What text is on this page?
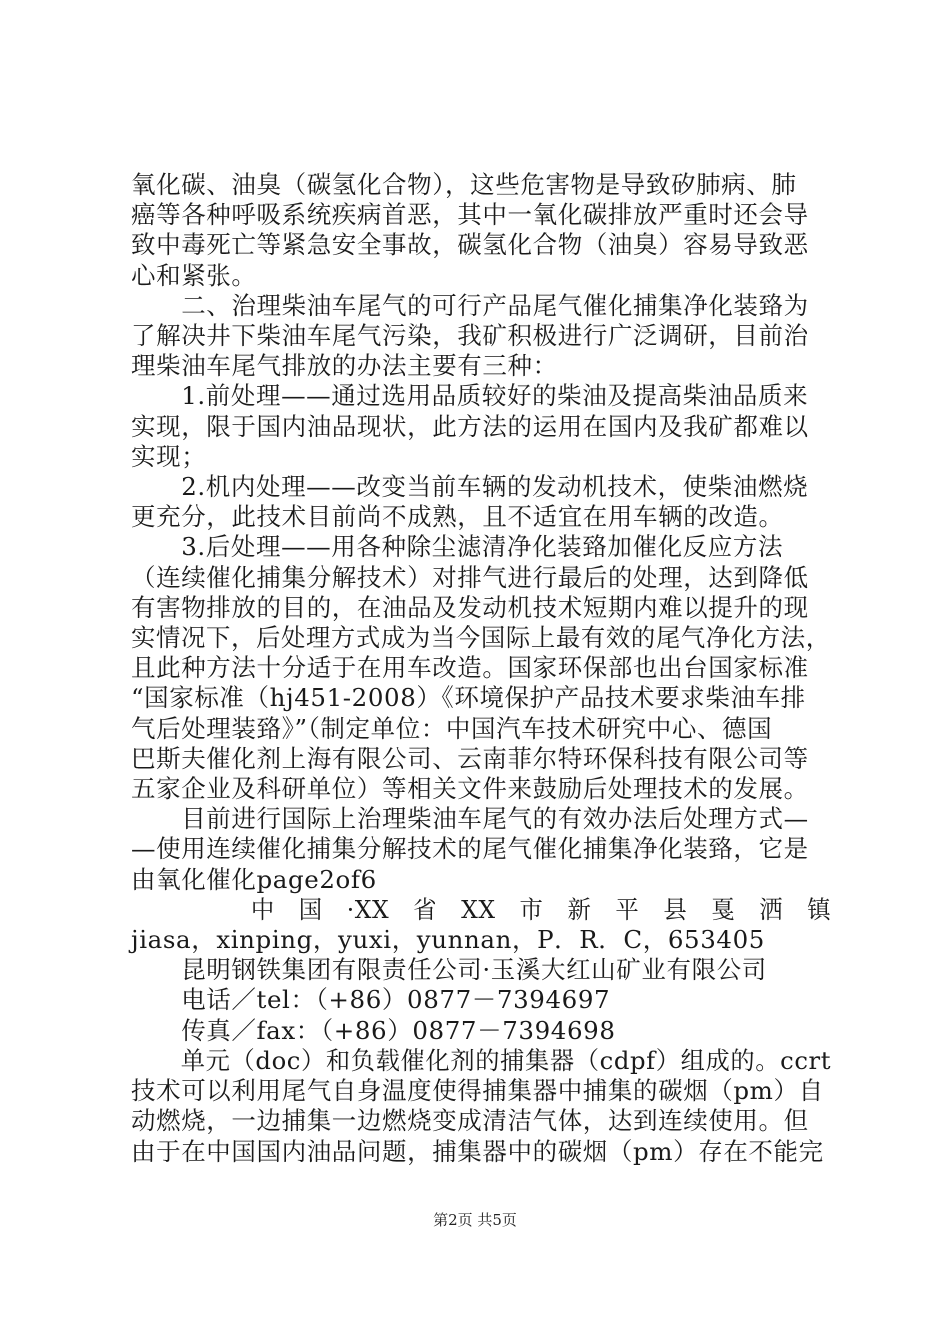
氧化碳、油臭（碳氢化合物），这些危害物是导致矽肺病、肺
癌等各种呼吸系统疾病首恶，其中一氧化碳排放严重时还会导
致中毒死亡等紧急安全事故，碳氢化合物（油臭）容易导致恶
心和紧张。
　　二、治理柴油车尾气的可行产品尾气催化捕集净化装臵为
了解决井下柴油车尾气污染，我矿积极进行广泛调研，目前治
理柴油车尾气排放的办法主要有三种：
　　1.前处理——通过选用品质较好的柴油及提高柴油品质来
实现，限于国内油品现状，此方法的运用在国内及我矿都难以
实现；
　　2.机内处理——改变当前车辆的发动机技术，使柴油燃烧
更充分，此技术目前尚不成熟，且不适宜在用车辆的改造。
　　3.后处理——用各种除尘滤清净化装臵加催化反应方法
（连续催化捕集分解技术）对排气进行最后的处理，达到降低
有害物排放的目的，在油品及发动机技术短期内难以提升的现
实情况下，后处理方式成为当今国际上最有效的尾气净化方法，
且此种方法十分适于在用车改造。国家环保部也出台国家标准
“国家标准（hj451-2008）《环境保护产品技术要求柴油车排
气后处理装臵》”（制定单位：中国汽车技术研究中心、德国
巴斯夫催化剂上海有限公司、云南菲尔特环保科技有限公司等
五家企业及科研单位）等相关文件来鼓励后处理技术的发展。
　　目前进行国际上治理柴油车尾气的有效办法后处理方式—
—使用连续催化捕集分解技术的尾气催化捕集净化装臵，它是
由氧化催化page2of6
　　　　　中　国　·XX　省　XX　市　新　平　县　戛　洒　镇
jiasa，xinping，yuxi，yunnan，P．R．C，653405
　　昆明钢铁集团有限责任公司·玉溪大红山矿业有限公司
　　电话／tel：（+86）0877－7394697
　　传真／fax：（+86）0877－7394698
　　单元（doc）和负载催化剂的捕集器（cdpf）组成的。ccrt
技术可以利用尾气自身温度使得捕集器中捕集的碳烟（pm）自
动燃烧，一边捕集一边燃烧变成清洁气体，达到连续使用。但
由于在中国国内油品问题，捕集器中的碳烟（pm）存在不能完
第2页 共5页
